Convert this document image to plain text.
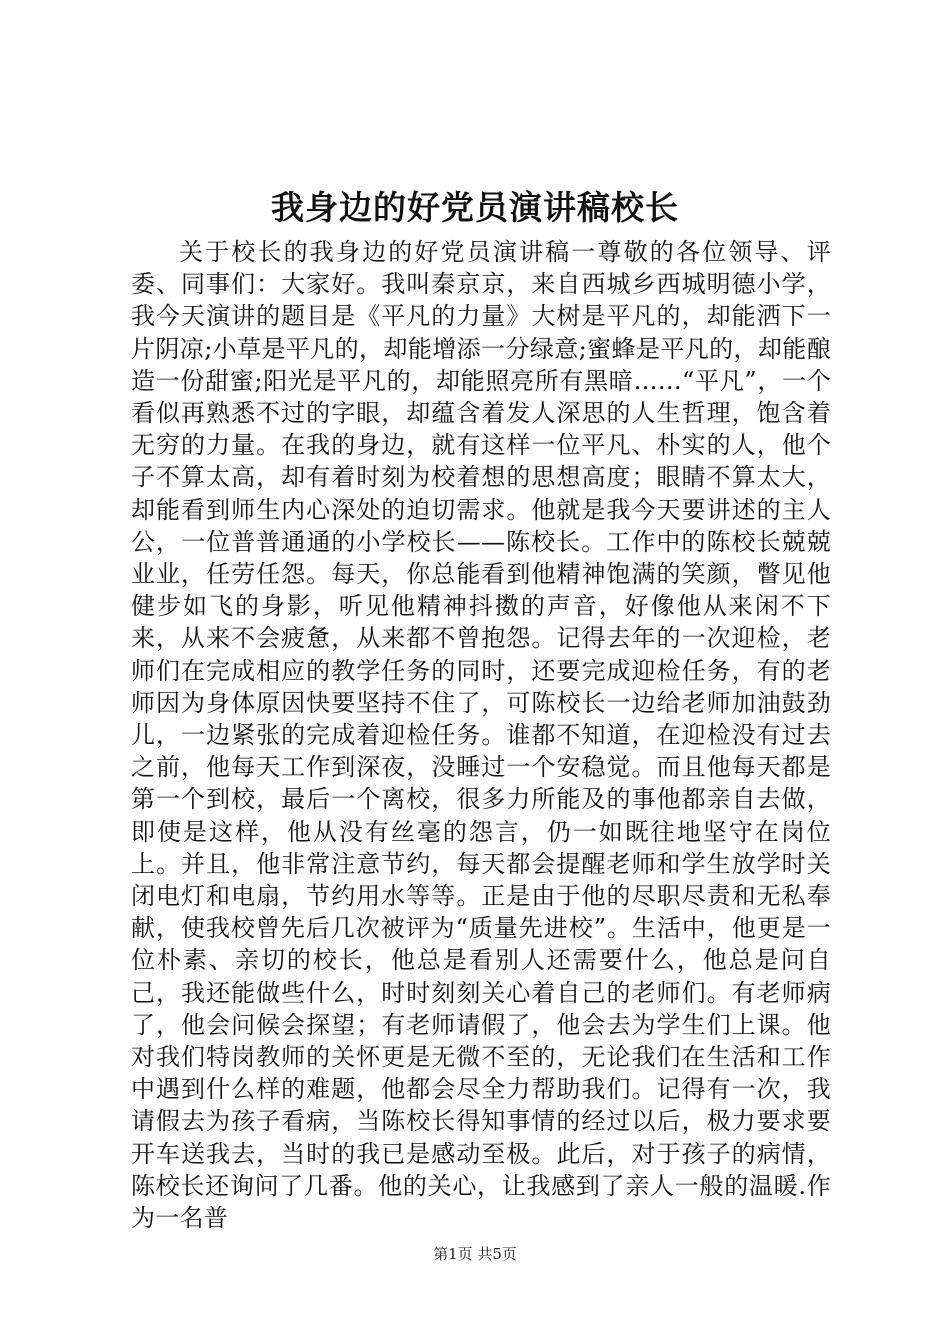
我身边的好党员演讲稿校长

关于校长的我身边的好党员演讲稿一尊敬的各位领导、评委、同事们：大家好。我叫秦京京，来自西城乡西城明德小学，我今天演讲的题目是《平凡的力量》大树是平凡的，却能洒下一片阴凉;小草是平凡的，却能增添一分绿意;蜜蜂是平凡的，却能酿造一份甜蜜;阳光是平凡的，却能照亮所有黑暗……“平凡”，一个看似再熟悉不过的字眼，却蕴含着发人深思的人生哲理，饱含着无穷的力量。在我的身边，就有这样一位平凡、朴实的人，他个子不算太高，却有着时刻为校着想的思想高度；眼睛不算太大，却能看到师生内心深处的迫切需求。他就是我今天要讲述的主人公，一位普普通通的小学校长——陈校长。工作中的陈校长兢兢业业，任劳任怨。每天，你总能看到他精神饱满的笑颜，瞥见他健步如飞的身影，听见他精神抖擞的声音，好像他从来闲不下来，从来不会疲惫，从来都不曾抱怨。记得去年的一次迎检，老师们在完成相应的教学任务的同时，还要完成迎检任务，有的老师因为身体原因快要坚持不住了，可陈校长一边给老师加油鼓劲儿，一边紧张的完成着迎检任务。谁都不知道，在迎检没有过去之前，他每天工作到深夜，没睡过一个安稳觉。而且他每天都是第一个到校，最后一个离校，很多力所能及的事他都亲自去做，即使是这样，他从没有丝毫的怨言，仍一如既往地坚守在岗位上。并且，他非常注意节约，每天都会提醒老师和学生放学时关闭电灯和电扇，节约用水等等。正是由于他的尽职尽责和无私奉献，使我校曾先后几次被评为“质量先进校”。生活中，他更是一位朴素、亲切的校长，他总是看别人还需要什么，他总是问自己，我还能做些什么，时时刻刻关心着自己的老师们。有老师病了，他会问候会探望；有老师请假了，他会去为学生们上课。他对我们特岗教师的关怀更是无微不至的，无论我们在生活和工作中遇到什么样的难题，他都会尽全力帮助我们。记得有一次，我请假去为孩子看病，当陈校长得知事情的经过以后，极力要求要开车送我去，当时的我已是感动至极。此后，对于孩子的病情，陈校长还询问了几番。他的关心，让我感到了亲人一般的温暖.作为一名普

第1页 共5页
